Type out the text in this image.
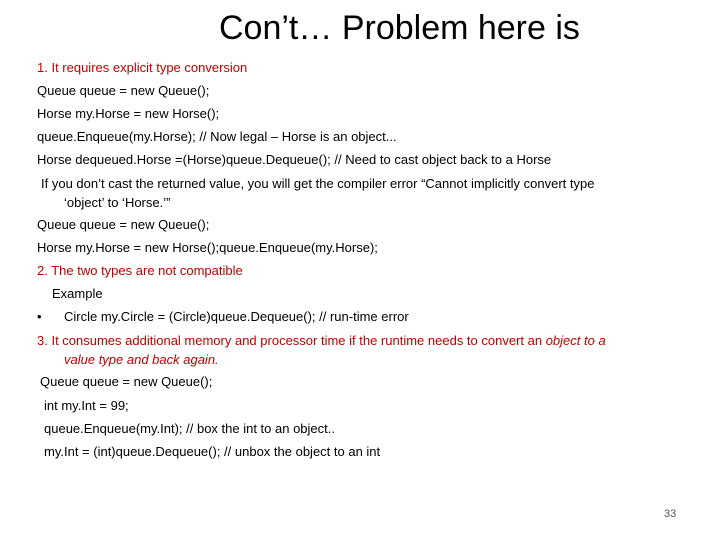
Con’t… Problem here is
1. It requires explicit type conversion
Queue queue = new Queue();
Horse my.Horse = new Horse();
queue.Enqueue(my.Horse); // Now legal – Horse is an object...
Horse dequeued.Horse =(Horse)queue.Dequeue(); // Need to cast object back to a Horse
If you don’t cast the returned value, you will get the compiler error “Cannot implicitly convert type
‘object’ to ‘Horse.’”
Queue queue = new Queue();
Horse my.Horse = new Horse();queue.Enqueue(my.Horse);
2. The two types are not compatible
Example
• Circle my.Circle = (Circle)queue.Dequeue(); // run-time error
3. It consumes additional memory and processor time if the runtime needs to convert an object to a
value type and back again.
Queue queue = new Queue();
int my.Int = 99;
queue.Enqueue(my.Int); // box the int to an object..
my.Int = (int)queue.Dequeue(); // unbox the object to an int
33
